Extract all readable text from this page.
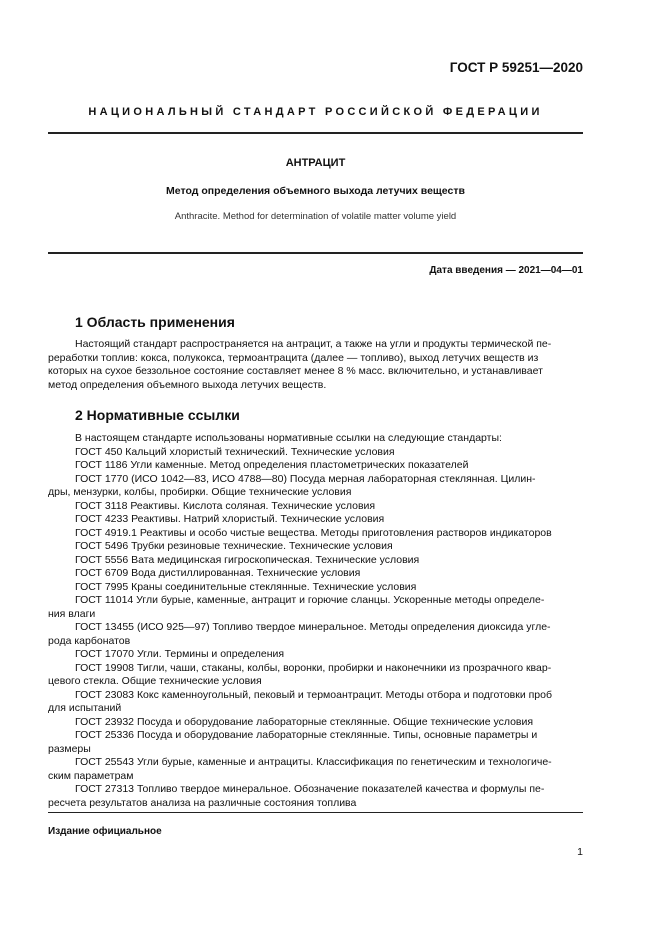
ГОСТ Р 59251—2020
НАЦИОНАЛЬНЫЙ СТАНДАРТ РОССИЙСКОЙ ФЕДЕРАЦИИ
АНТРАЦИТ
Метод определения объемного выхода летучих веществ
Anthracite. Method for determination of volatile matter volume yield
Дата введения — 2021—04—01
1 Область применения
Настоящий стандарт распространяется на антрацит, а также на угли и продукты термической пе-
реработки топлив: кокса, полукокса, термоантрацита (далее — топливо), выход летучих веществ из
которых на сухое беззольное состояние составляет менее 8 % масс. включительно, и устанавливает
метод определения объемного выхода летучих веществ.
2 Нормативные ссылки
В настоящем стандарте использованы нормативные ссылки на следующие стандарты:
ГОСТ 450 Кальций хлористый технический. Технические условия
ГОСТ 1186 Угли каменные. Метод определения пластометрических показателей
ГОСТ 1770 (ИСО 1042—83, ИСО 4788—80) Посуда мерная лабораторная стеклянная. Цилин-
дры, мензурки, колбы, пробирки. Общие технические условия
ГОСТ 3118 Реактивы. Кислота соляная. Технические условия
ГОСТ 4233 Реактивы. Натрий хлористый. Технические условия
ГОСТ 4919.1 Реактивы и особо чистые вещества. Методы приготовления растворов индикаторов
ГОСТ 5496 Трубки резиновые технические. Технические условия
ГОСТ 5556 Вата медицинская гигроскопическая. Технические условия
ГОСТ 6709 Вода дистиллированная. Технические условия
ГОСТ 7995 Краны соединительные стеклянные. Технические условия
ГОСТ 11014 Угли бурые, каменные, антрацит и горючие сланцы. Ускоренные методы определе-
ния влаги
ГОСТ 13455 (ИСО 925—97) Топливо твердое минеральное. Методы определения диоксида угле-
рода карбонатов
ГОСТ 17070 Угли. Термины и определения
ГОСТ 19908 Тигли, чаши, стаканы, колбы, воронки, пробирки и наконечники из прозрачного квар-
цевого стекла. Общие технические условия
ГОСТ 23083 Кокс каменноугольный, пековый и термоантрацит. Методы отбора и подготовки проб
для испытаний
ГОСТ 23932 Посуда и оборудование лабораторные стеклянные. Общие технические условия
ГОСТ 25336 Посуда и оборудование лабораторные стеклянные. Типы, основные параметры и
размеры
ГОСТ 25543 Угли бурые, каменные и антрациты. Классификация по генетическим и технологиче-
ским параметрам
ГОСТ 27313 Топливо твердое минеральное. Обозначение показателей качества и формулы пе-
ресчета результатов анализа на различные состояния топлива
Издание официальное
1
